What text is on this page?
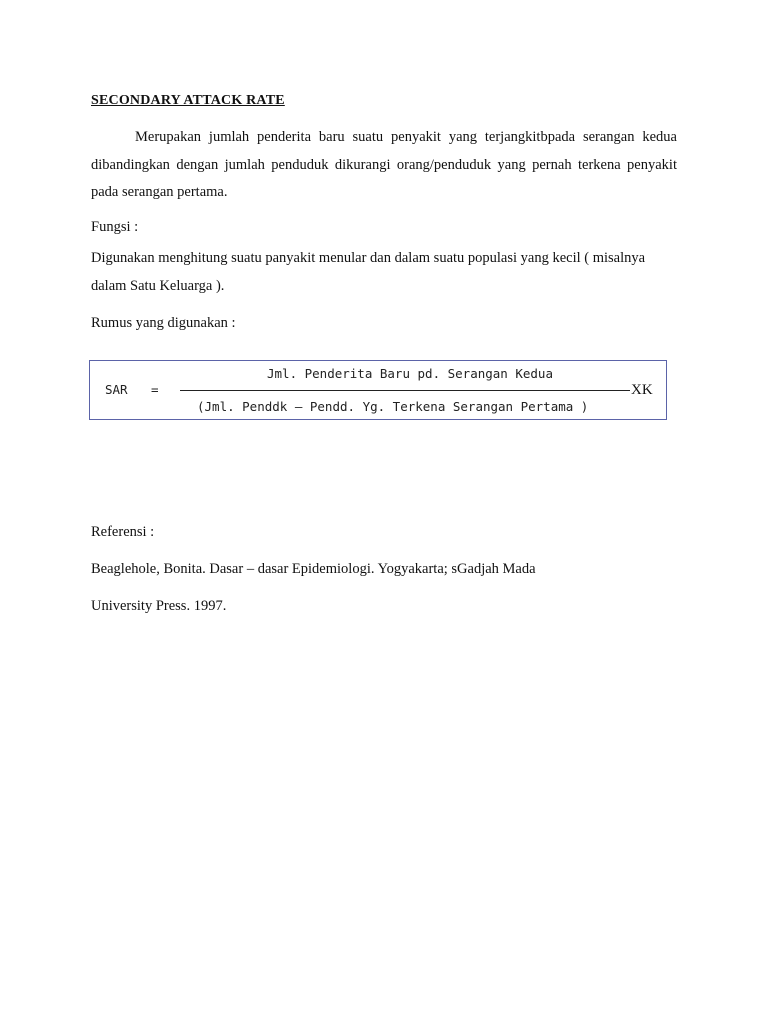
SECONDARY ATTACK RATE

Merupakan jumlah penderita baru suatu penyakit yang terjangkitbpada serangan kedua dibandingkan dengan jumlah penduduk dikurangi orang/penduduk yang pernah terkena penyakit pada serangan pertama.

Fungsi :

Digunakan menghitung suatu panyakit menular dan dalam suatu populasi yang kecil ( misalnya dalam Satu Keluarga ).

Rumus yang digunakan :
SAR =
Jml. Penderita Baru pd. Serangan Kedua
(Jml. Penddk — Pendd. Yg. Terkena Serangan Pertama )
XK
Referensi :
Beaglehole, Bonita. Dasar – dasar Epidemiologi. Yogyakarta; sGadjah Mada
University Press. 1997.
